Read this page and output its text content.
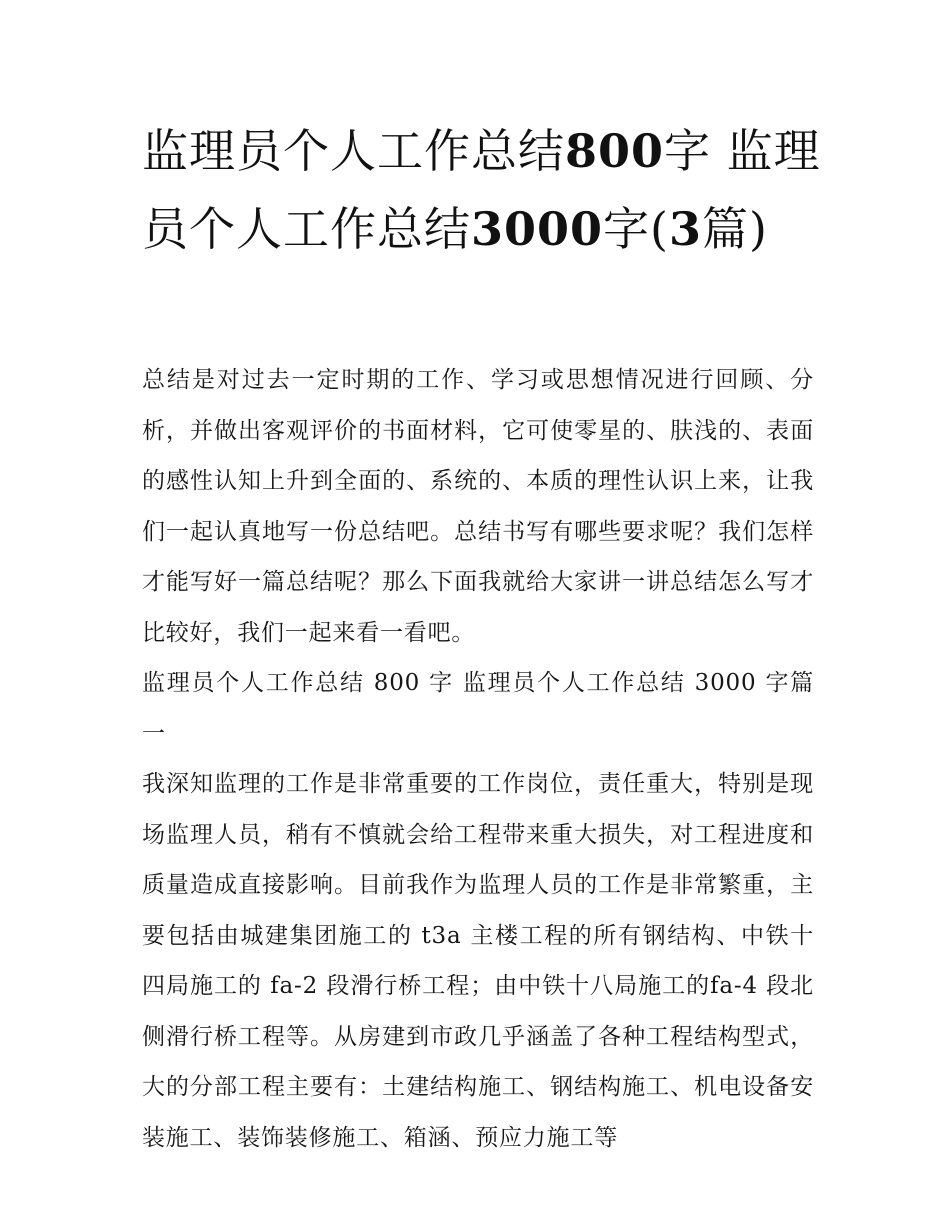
监理员个人工作总结800字 监理员个人工作总结3000字(3篇)

总结是对过去一定时期的工作、学习或思想情况进行回顾、分析，并做出客观评价的书面材料，它可使零星的、肤浅的、表面的感性认知上升到全面的、系统的、本质的理性认识上来，让我们一起认真地写一份总结吧。总结书写有哪些要求呢？我们怎样才能写好一篇总结呢？那么下面我就给大家讲一讲总结怎么写才比较好，我们一起来看一看吧。

监理员个人工作总结 800 字 监理员个人工作总结 3000 字篇一

我深知监理的工作是非常重要的工作岗位，责任重大，特别是现场监理人员，稍有不慎就会给工程带来重大损失，对工程进度和质量造成直接影响。目前我作为监理人员的工作是非常繁重，主要包括由城建集团施工的 t3a 主楼工程的所有钢结构、中铁十四局施工的 fa-2 段滑行桥工程；由中铁十八局施工的fa-4 段北侧滑行桥工程等。从房建到市政几乎涵盖了各种工程结构型式，大的分部工程主要有：土建结构施工、钢结构施工、机电设备安装施工、装饰装修施工、箱涵、预应力施工等
